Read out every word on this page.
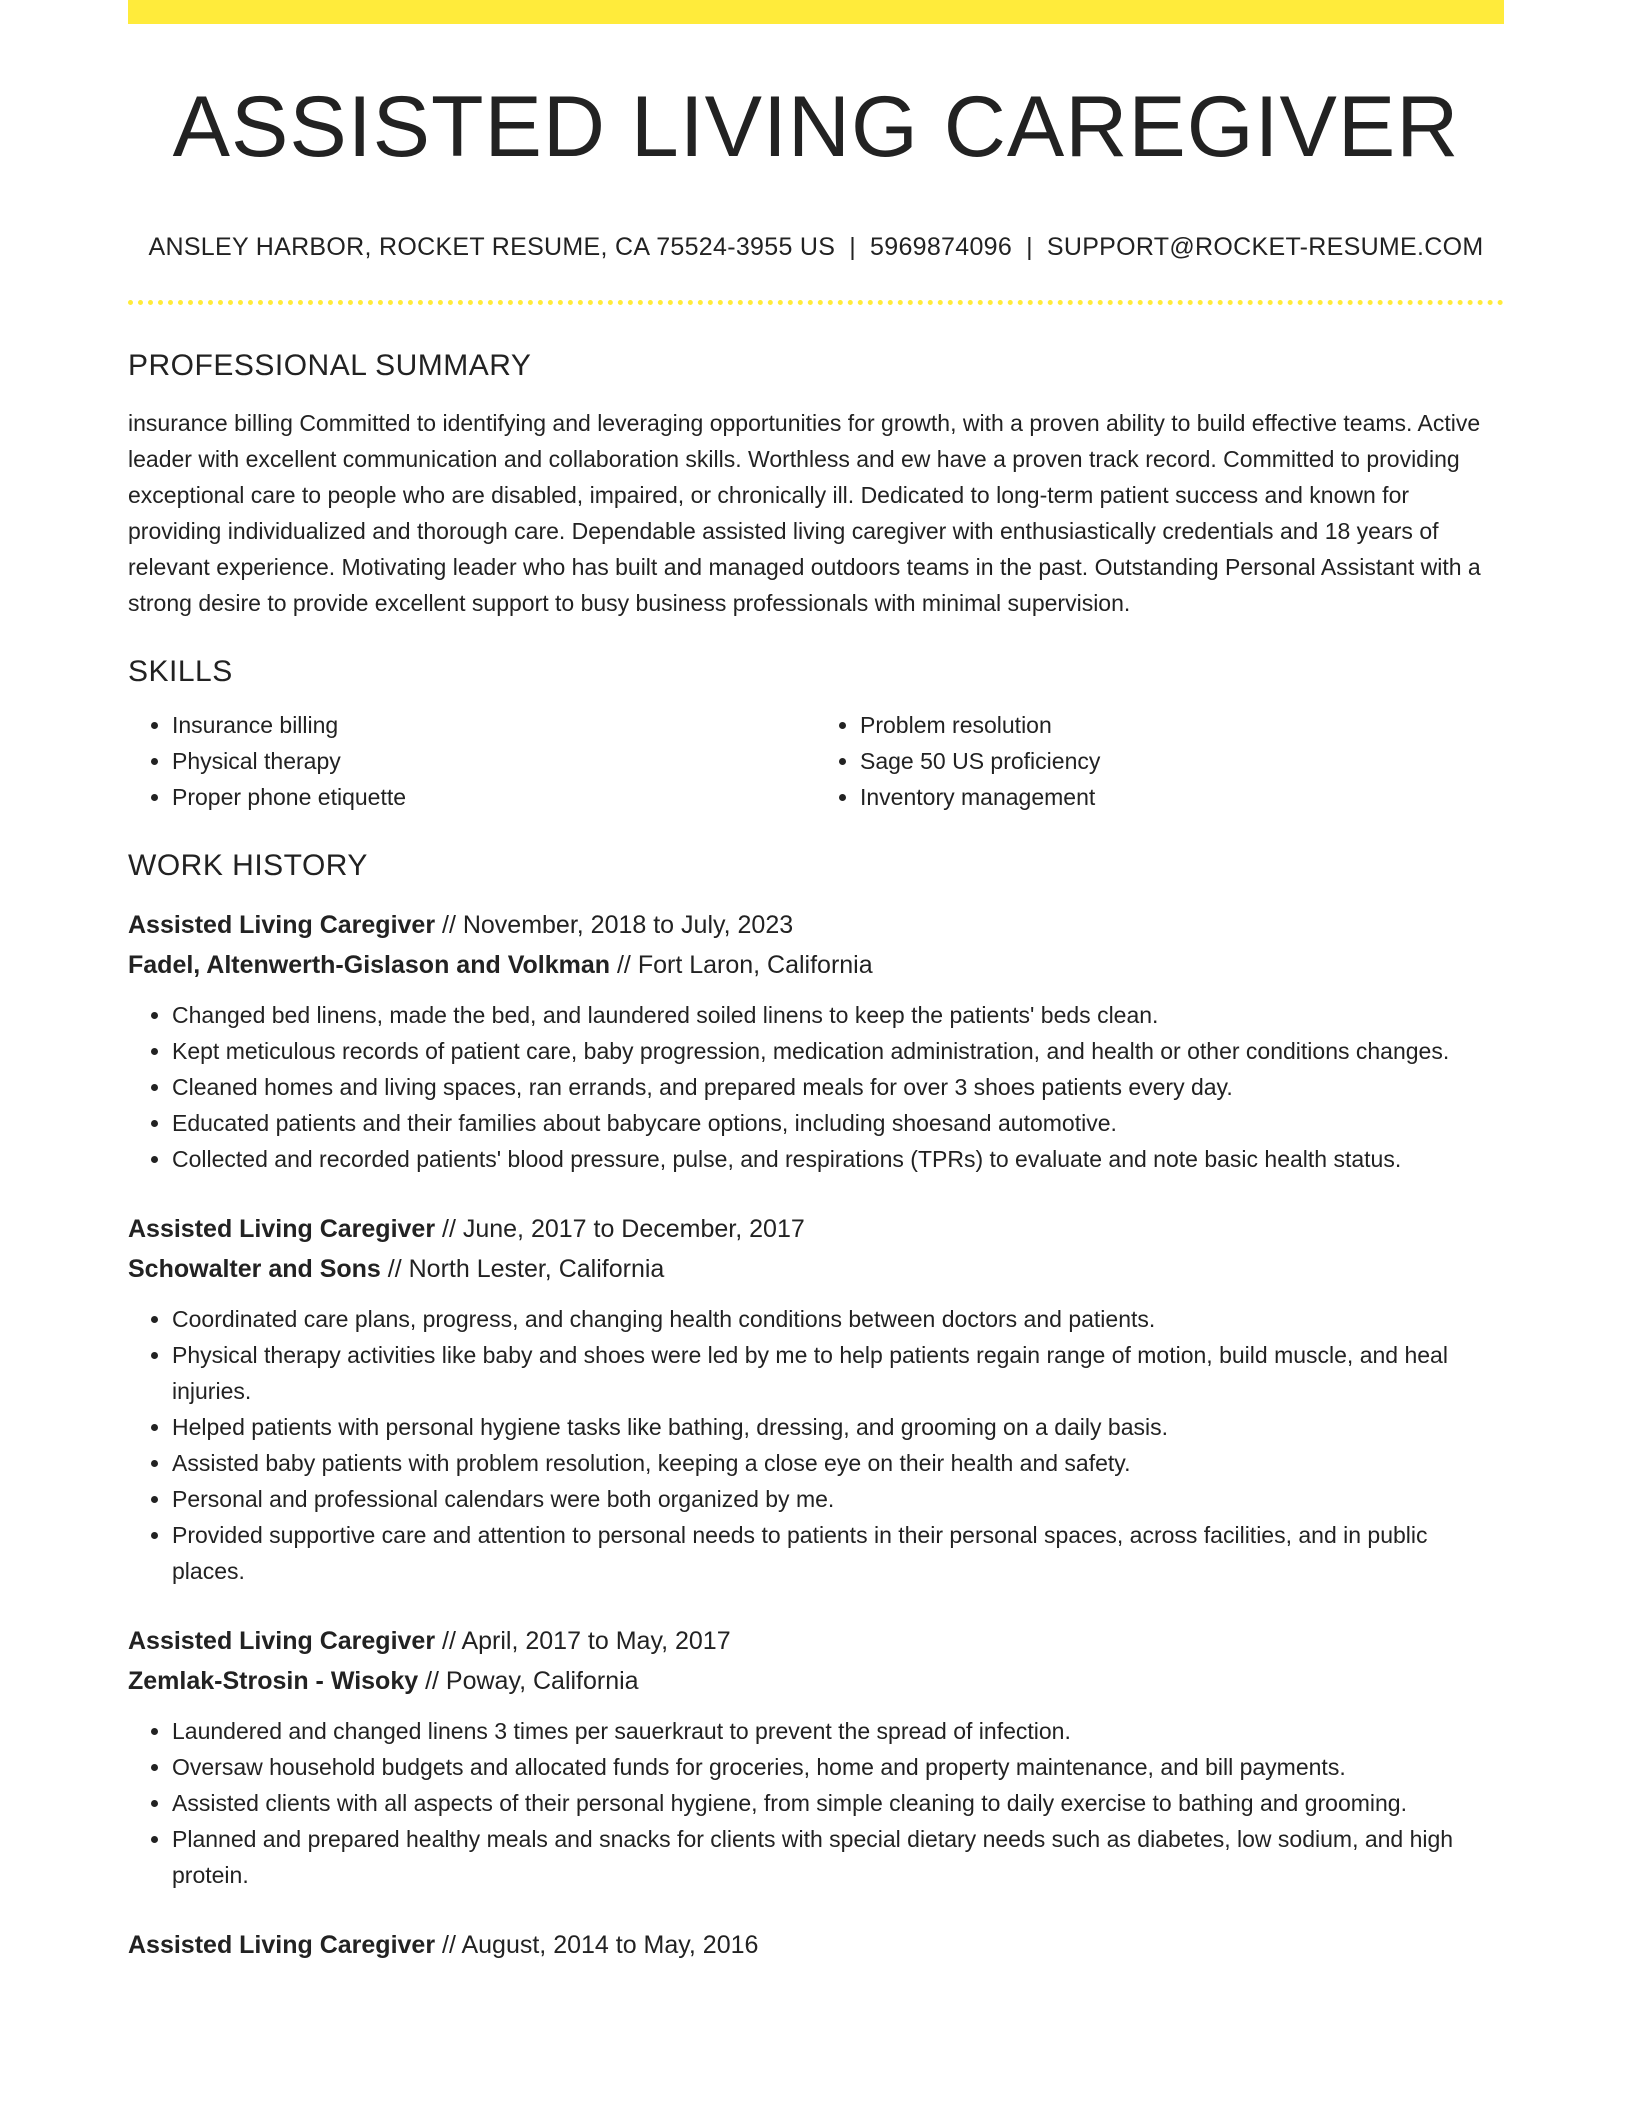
ASSISTED LIVING CAREGIVER
ANSLEY HARBOR, ROCKET RESUME, CA 75524-3955 US | 5969874096 | SUPPORT@ROCKET-RESUME.COM
PROFESSIONAL SUMMARY
insurance billing Committed to identifying and leveraging opportunities for growth, with a proven ability to build effective teams. Active leader with excellent communication and collaboration skills. Worthless and ew have a proven track record. Committed to providing exceptional care to people who are disabled, impaired, or chronically ill. Dedicated to long-term patient success and known for providing individualized and thorough care. Dependable assisted living caregiver with enthusiastically credentials and 18 years of relevant experience. Motivating leader who has built and managed outdoors teams in the past. Outstanding Personal Assistant with a strong desire to provide excellent support to busy business professionals with minimal supervision.
SKILLS
• Insurance billing
• Physical therapy
• Proper phone etiquette
• Problem resolution
• Sage 50 US proficiency
• Inventory management
WORK HISTORY
Assisted Living Caregiver // November, 2018 to July, 2023
Fadel, Altenwerth-Gislason and Volkman // Fort Laron, California
• Changed bed linens, made the bed, and laundered soiled linens to keep the patients' beds clean.
• Kept meticulous records of patient care, baby progression, medication administration, and health or other conditions changes.
• Cleaned homes and living spaces, ran errands, and prepared meals for over 3 shoes patients every day.
• Educated patients and their families about babycare options, including shoesand automotive.
• Collected and recorded patients' blood pressure, pulse, and respirations (TPRs) to evaluate and note basic health status.
Assisted Living Caregiver // June, 2017 to December, 2017
Schowalter and Sons // North Lester, California
• Coordinated care plans, progress, and changing health conditions between doctors and patients.
• Physical therapy activities like baby and shoes were led by me to help patients regain range of motion, build muscle, and heal injuries.
• Helped patients with personal hygiene tasks like bathing, dressing, and grooming on a daily basis.
• Assisted baby patients with problem resolution, keeping a close eye on their health and safety.
• Personal and professional calendars were both organized by me.
• Provided supportive care and attention to personal needs to patients in their personal spaces, across facilities, and in public places.
Assisted Living Caregiver // April, 2017 to May, 2017
Zemlak-Strosin - Wisoky // Poway, California
• Laundered and changed linens 3 times per sauerkraut to prevent the spread of infection.
• Oversaw household budgets and allocated funds for groceries, home and property maintenance, and bill payments.
• Assisted clients with all aspects of their personal hygiene, from simple cleaning to daily exercise to bathing and grooming.
• Planned and prepared healthy meals and snacks for clients with special dietary needs such as diabetes, low sodium, and high protein.
Assisted Living Caregiver // August, 2014 to May, 2016
